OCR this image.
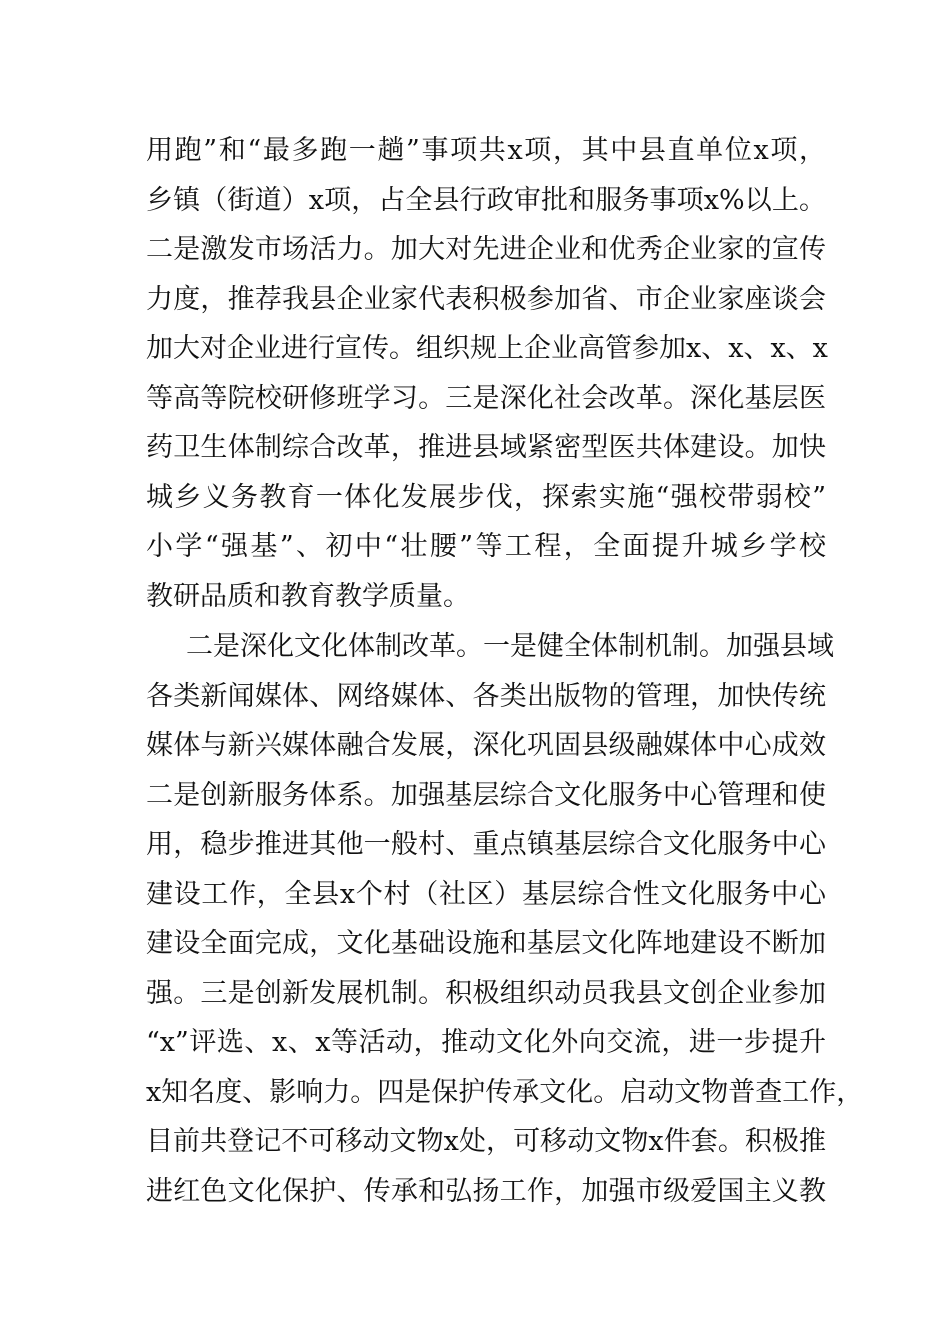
用跑”和“最多跑一趟”事项共x项，其中县直单位x项，
乡镇（街道）x项，占全县行政审批和服务事项x%以上。
二是激发市场活力。加大对先进企业和优秀企业家的宣传
力度，推荐我县企业家代表积极参加省、市企业家座谈会
加大对企业进行宣传。组织规上企业高管参加x、x、x、x
等高等院校研修班学习。三是深化社会改革。深化基层医
药卫生体制综合改革，推进县域紧密型医共体建设。加快
城乡义务教育一体化发展步伐，探索实施“强校带弱校”
小学“强基”、初中“壮腰”等工程，全面提升城乡学校
教研品质和教育教学质量。
二是深化文化体制改革。一是健全体制机制。加强县域
各类新闻媒体、网络媒体、各类出版物的管理，加快传统
媒体与新兴媒体融合发展，深化巩固县级融媒体中心成效
二是创新服务体系。加强基层综合文化服务中心管理和使
用，稳步推进其他一般村、重点镇基层综合文化服务中心
建设工作，全县x个村（社区）基层综合性文化服务中心
建设全面完成，文化基础设施和基层文化阵地建设不断加
强。三是创新发展机制。积极组织动员我县文创企业参加
“x”评选、x、x等活动，推动文化外向交流，进一步提升
x知名度、影响力。四是保护传承文化。启动文物普查工作，
目前共登记不可移动文物x处，可移动文物x件套。积极推
进红色文化保护、传承和弘扬工作，加强市级爱国主义教
